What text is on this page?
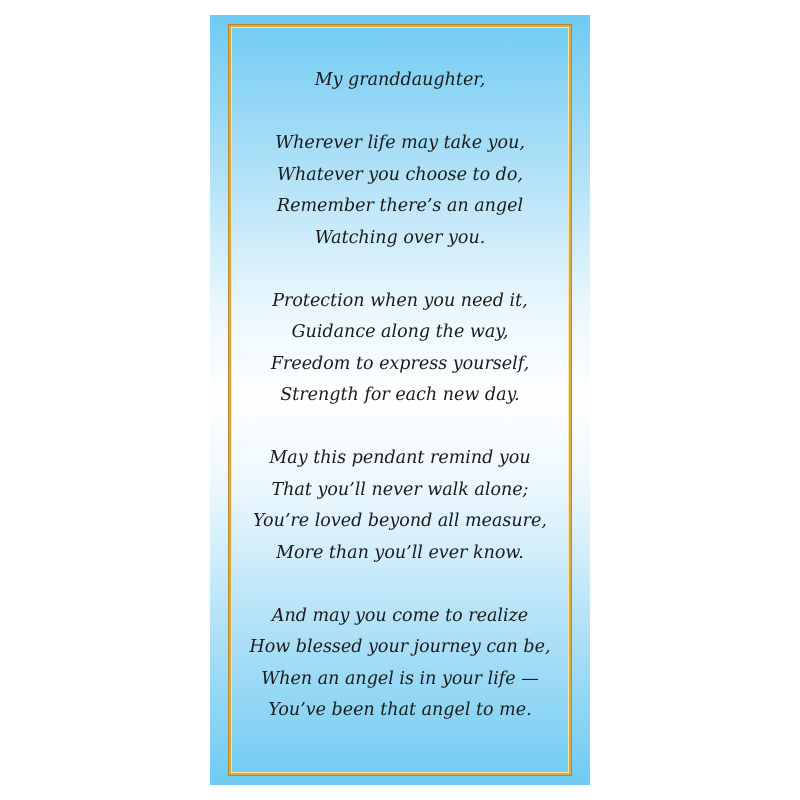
My granddaughter,
Wherever life may take you,
Whatever you choose to do,
Remember there’s an angel
Watching over you.
Protection when you need it,
Guidance along the way,
Freedom to express yourself,
Strength for each new day.
May this pendant remind you
That you’ll never walk alone;
You’re loved beyond all measure,
More than you’ll ever know.
And may you come to realize
How blessed your journey can be,
When an angel is in your life —
You’ve been that angel to me.
